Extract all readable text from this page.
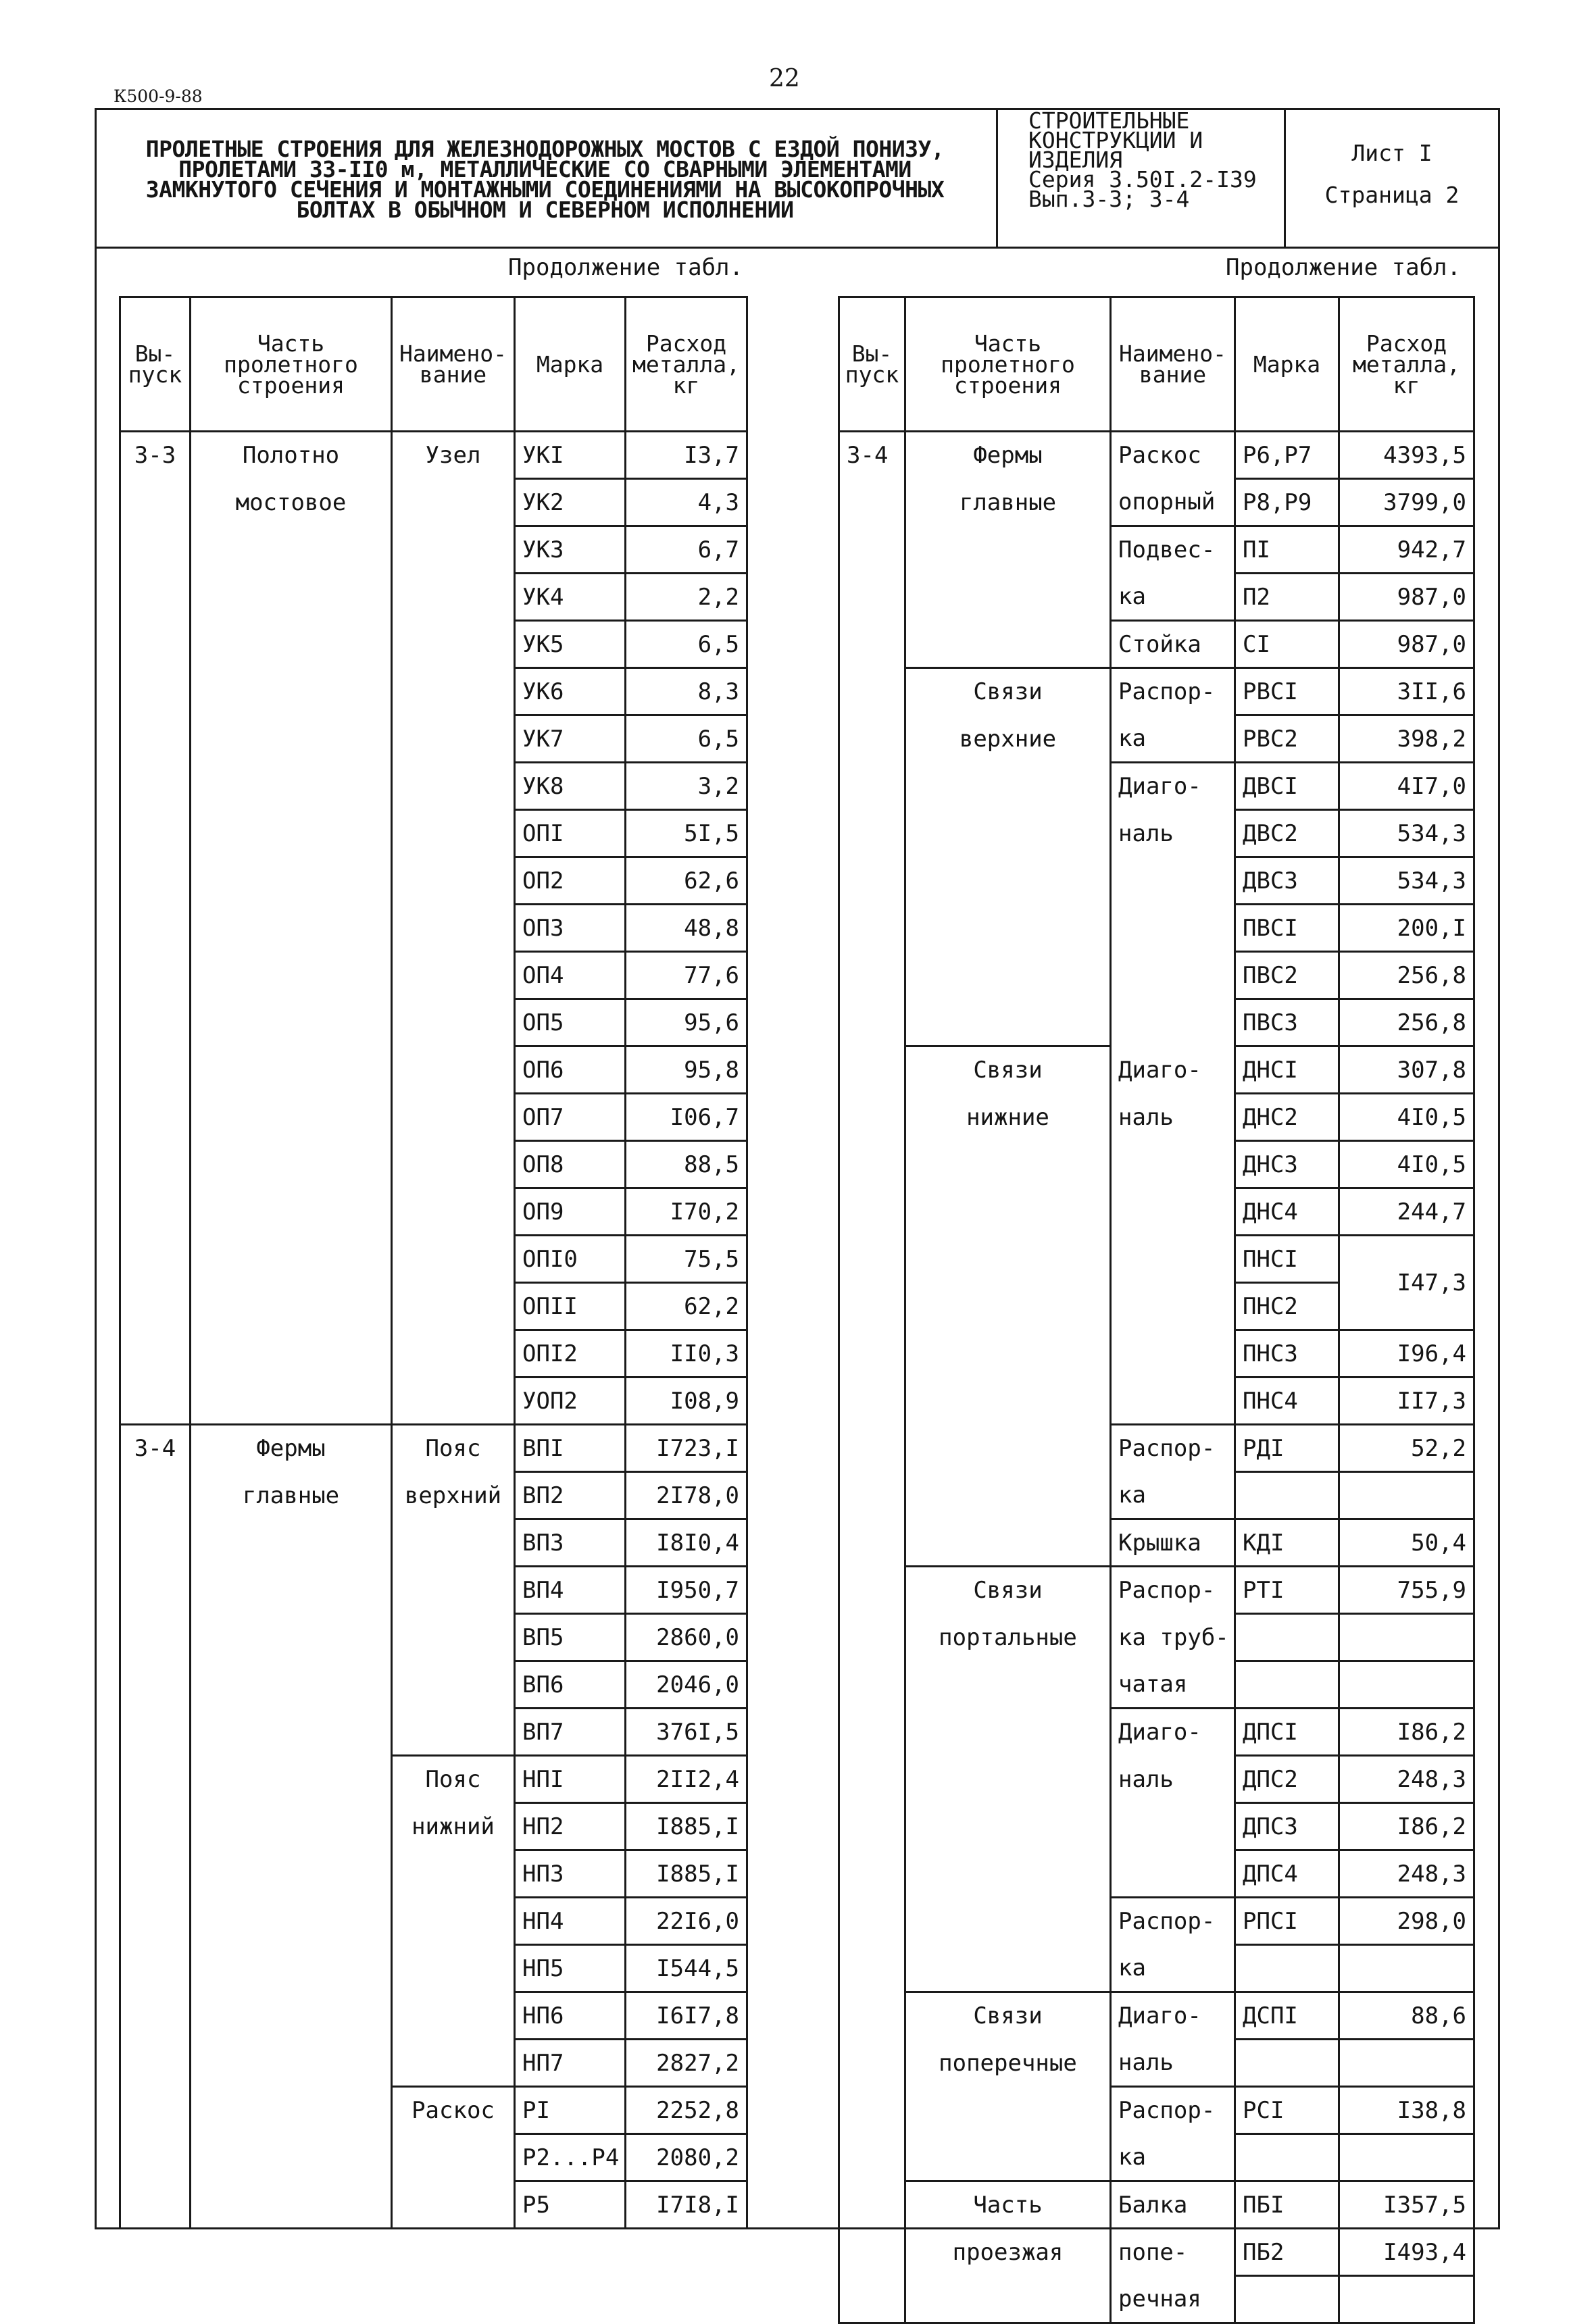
К500-9-88
22
ПРОЛЕТНЫЕ СТРОЕНИЯ ДЛЯ ЖЕЛЕЗНОДОРОЖНЫХ МОСТОВ С ЕЗДОЙ ПОНИЗУ,
ПРОЛЕТАМИ 33-II0 м, МЕТАЛЛИЧЕСКИЕ СО СВАРНЫМИ ЭЛЕМЕНТАМИ
ЗАМКНУТОГО СЕЧЕНИЯ И МОНТАЖНЫМИ СОЕДИНЕНИЯМИ НА ВЫСОКОПРОЧНЫХ
БОЛТАХ В ОБЫЧНОМ И СЕВЕРНОМ ИСПОЛНЕНИИ
СТРОИТЕЛЬНЫЕ
КОНСТРУКЦИИ И
ИЗДЕЛИЯ
Серия 3.50I.2-I39
Вып.3-3; 3-4
Лист I
Страница 2
Продолжение табл.	Продолжение табл.
Вы-пуск	Часть пролетного строения	Наимено-вание	Марка	Расход металла, кг
3-3	Полотно	Узел	УКI	I3,7
	мостовое		УК2	4,3
			УК3	6,7
			УК4	2,2
			УК5	6,5
			УК6	8,3
			УК7	6,5
			УК8	3,2
			ОПI	5I,5
			ОП2	62,6
			ОП3	48,8
			ОП4	77,6
			ОП5	95,6
			ОП6	95,8
			ОП7	I06,7
			ОП8	88,5
			ОП9	I70,2
			ОПI0	75,5
			ОПII	62,2
			ОПI2	II0,3
			УОП2	I08,9
3-4	Фермы	Пояс	ВПI	I723,I
	главные	верхний	ВП2	2I78,0
			ВП3	I8I0,4
			ВП4	I950,7
			ВП5	2860,0
			ВП6	2046,0
			ВП7	376I,5
		Пояс	НПI	2II2,4
		нижний	НП2	I885,I
			НП3	I885,I
			НП4	22I6,0
			НП5	I544,5
			НП6	I6I7,8
			НП7	2827,2
		Раскос	PI	2252,8
			P2...P4	2080,2
			P5	I7I8,I
Вы-пуск	Часть пролетного строения	Наимено-вание	Марка	Расход металла, кг
3-4	Фермы	Раскос	P6,P7	4393,5
	главные	опорный	P8,P9	3799,0
		Подвес-	ПI	942,7
		ка	П2	987,0
		Стойка	CI	987,0
	Связи	Распор-	РВСI	3II,6
	верхние	ка	РВС2	398,2
		Диаго-	ДВСI	4I7,0
		наль	ДВС2	534,3
			ДВС3	534,3
			ПВСI	200,I
			ПВС2	256,8
			ПВС3	256,8
	Связи	Диаго-	ДНСI	307,8
	нижние	наль	ДНС2	4I0,5
			ДНС3	4I0,5
			ДНС4	244,7
			ПНСI	I47,3
			ПНС2	
			ПНС3	I96,4
			ПНС4	II7,3
		Распор-	РДI	52,2
		ка		
		Крышка	КДI	50,4
	Связи	Распор-	PTI	755,9
	портальные	ка труб-		
		чатая		
		Диаго-	ДПСI	I86,2
		наль	ДПС2	248,3
			ДПС3	I86,2
			ДПС4	248,3
		Распор-	РПСI	298,0
		ка		
	Связи	Диаго-	ДСПI	88,6
	поперечные	наль		
		Распор-	PCI	I38,8
		ка		
	Часть	Балка	ПБI	I357,5
	проезжая	попе-	ПБ2	I493,4
		речная		
